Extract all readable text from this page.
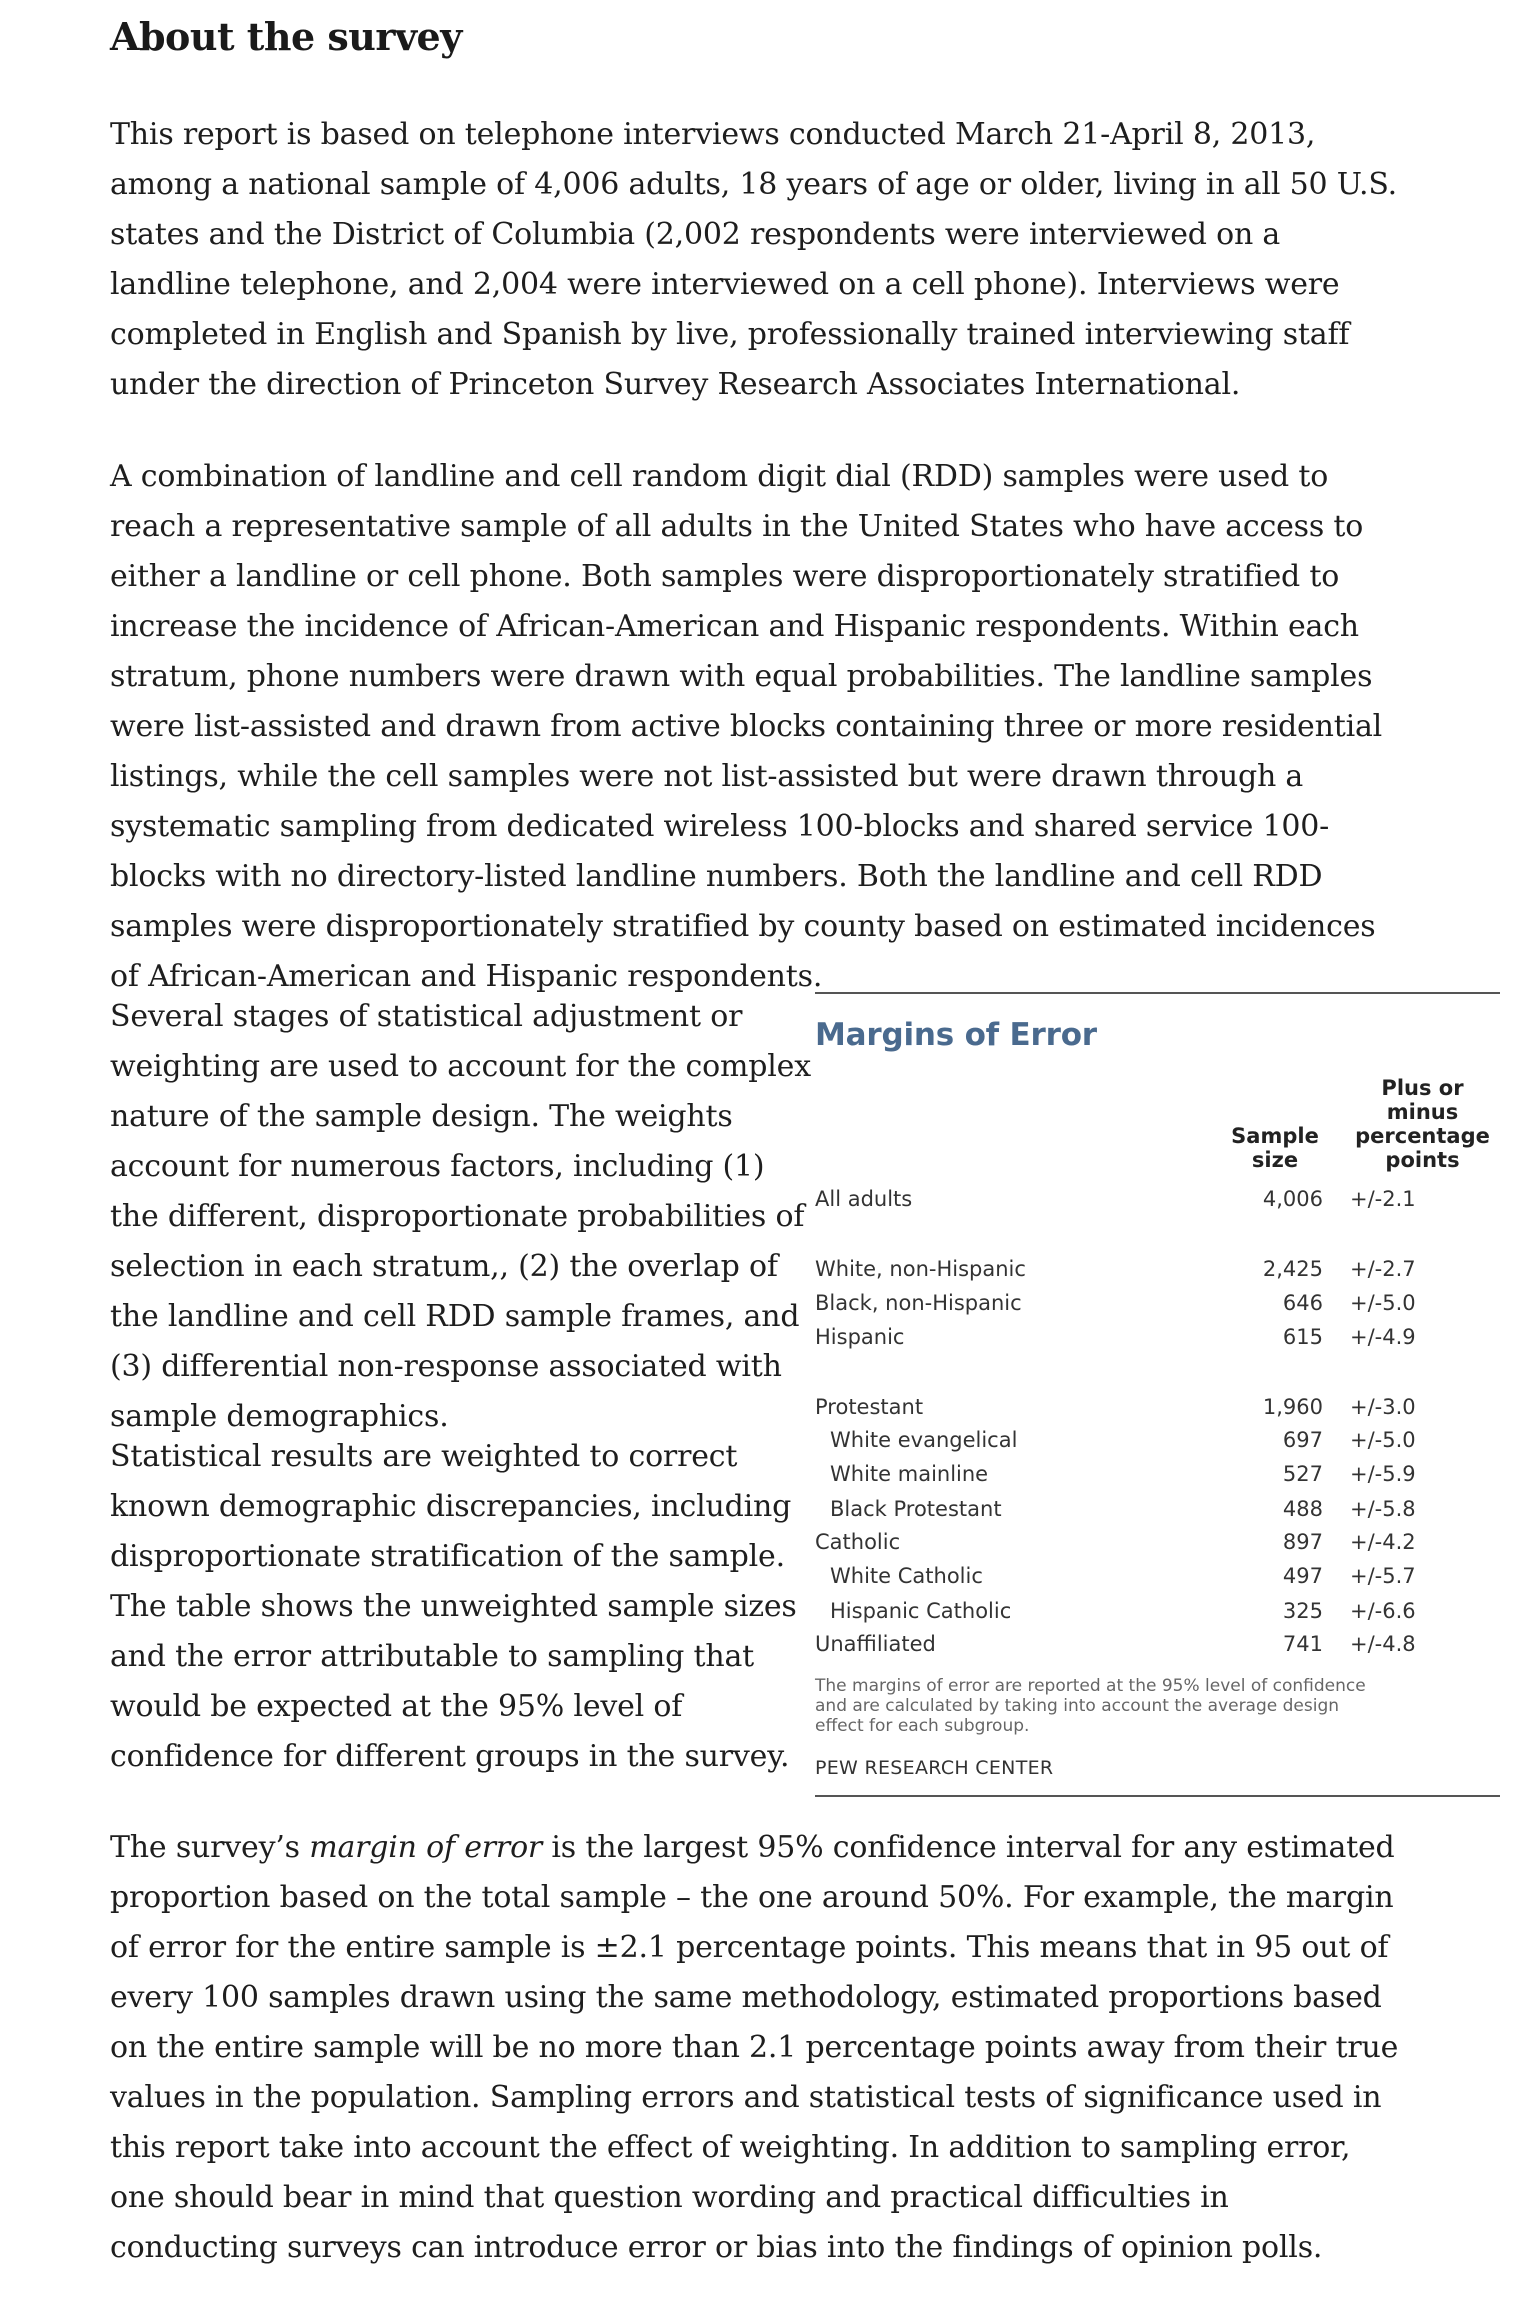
About the survey

This report is based on telephone interviews conducted March 21-April 8, 2013, among a national sample of 4,006 adults, 18 years of age or older, living in all 50 U.S. states and the District of Columbia (2,002 respondents were interviewed on a landline telephone, and 2,004 were interviewed on a cell phone). Interviews were completed in English and Spanish by live, professionally trained interviewing staff under the direction of Princeton Survey Research Associates International.

A combination of landline and cell random digit dial (RDD) samples were used to reach a representative sample of all adults in the United States who have access to either a landline or cell phone. Both samples were disproportionately stratified to increase the incidence of African-American and Hispanic respondents. Within each stratum, phone numbers were drawn with equal probabilities. The landline samples were list-assisted and drawn from active blocks containing three or more residential listings, while the cell samples were not list-assisted but were drawn through a systematic sampling from dedicated wireless 100-blocks and shared service 100-blocks with no directory-listed landline numbers. Both the landline and cell RDD samples were disproportionately stratified by county based on estimated incidences of African-American and Hispanic respondents.

Several stages of statistical adjustment or weighting are used to account for the complex nature of the sample design. The weights account for numerous factors, including (1) the different, disproportionate probabilities of selection in each stratum,, (2) the overlap of the landline and cell RDD sample frames, and (3) differential non-response associated with sample demographics.

Statistical results are weighted to correct known demographic discrepancies, including disproportionate stratification of the sample. The table shows the unweighted sample sizes and the error attributable to sampling that would be expected at the 95% level of confidence for different groups in the survey.

The survey’s margin of error is the largest 95% confidence interval for any estimated proportion based on the total sample – the one around 50%. For example, the margin of error for the entire sample is ±2.1 percentage points. This means that in 95 out of every 100 samples drawn using the same methodology, estimated proportions based on the entire sample will be no more than 2.1 percentage points away from their true values in the population. Sampling errors and statistical tests of significance used in this report take into account the effect of weighting. In addition to sampling error, one should bear in mind that question wording and practical difficulties in conducting surveys can introduce error or bias into the findings of opinion polls.

Margins of Error
Sample size
Plus or minus percentage points
All adults	4,006 +/-2.1
White, non-Hispanic	2,425 +/-2.7
Black, non-Hispanic	646 +/-5.0
Hispanic	615 +/-4.9
Protestant	1,960 +/-3.0
White evangelical	697 +/-5.0
White mainline	527 +/-5.9
Black Protestant	488 +/-5.8
Catholic	897 +/-4.2
White Catholic	497 +/-5.7
Hispanic Catholic	325 +/-6.6
Unaffiliated	741 +/-4.8
The margins of error are reported at the 95% level of confidence and are calculated by taking into account the average design effect for each subgroup.
PEW RESEARCH CENTER
